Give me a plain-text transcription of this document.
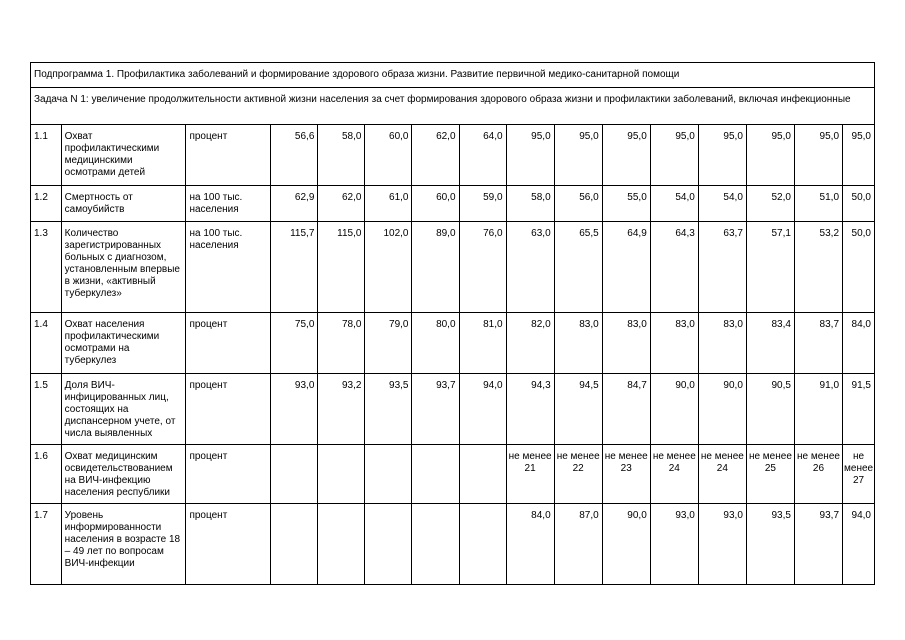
Подпрограмма 1. Профилактика заболеваний и формирование здорового образа жизни. Развитие первичной медико-санитарной помощи															
Задача N 1: увеличение продолжительности активной жизни населения за счет формирования здорового образа жизни и профилактики заболеваний, включая инфекционные															
1.1	Охват профилактическими медицинскими осмотрами детей	процент	56,6	58,0	60,0	62,0	64,0	95,0	95,0	95,0	95,0	95,0	95,0	95,0	95,0
1.2	Смертность от самоубийств	на 100 тыс. населения	62,9	62,0	61,0	60,0	59,0	58,0	56,0	55,0	54,0	54,0	52,0	51,0	50,0
1.3	Количество зарегистрированных больных с диагнозом, установленным впервые в жизни, «активный туберкулез»	на 100 тыс. населения	115,7	115,0	102,0	89,0	76,0	63,0	65,5	64,9	64,3	63,7	57,1	53,2	50,0
1.4	Охват населения профилактическими осмотрами на туберкулез	процент	75,0	78,0	79,0	80,0	81,0	82,0	83,0	83,0	83,0	83,0	83,4	83,7	84,0
1.5	Доля ВИЧ-инфицированных лиц, состоящих на диспансерном учете, от числа выявленных	процент	93,0	93,2	93,5	93,7	94,0	94,3	94,5	84,7	90,0	90,0	90,5	91,0	91,5
1.6	Охват медицинским освидетельствованием на ВИЧ-инфекцию населения республики	процент						не менее 21	не менее 22	не менее 23	не менее 24	не менее 24	не менее 25	не менее 26	не менее 27
1.7	Уровень информированности населения в возрасте 18 – 49 лет по вопросам ВИЧ-инфекции	процент						84,0	87,0	90,0	93,0	93,0	93,5	93,7	94,0
